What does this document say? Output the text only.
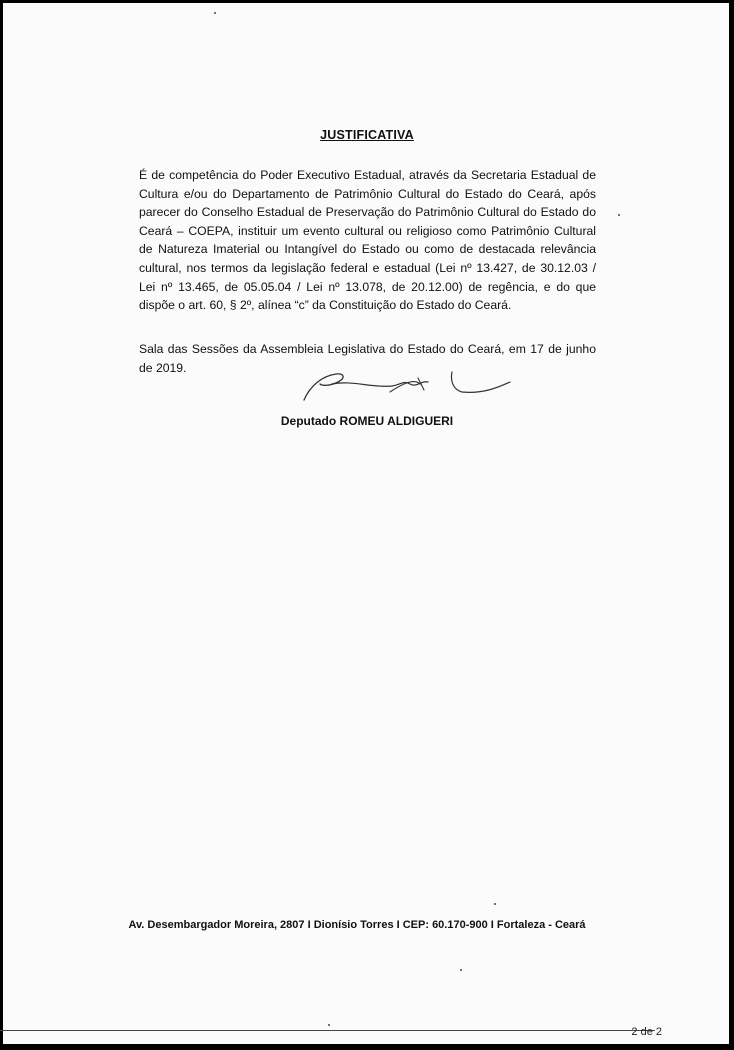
JUSTIFICATIVA

É de competência do Poder Executivo Estadual, através da Secretaria Estadual de Cultura e/ou do Departamento de Patrimônio Cultural do Estado do Ceará, após parecer do Conselho Estadual de Preservação do Patrimônio Cultural do Estado do Ceará – COEPA, instituir um evento cultural ou religioso como Patrimônio Cultural de Natureza Imaterial ou Intangível do Estado ou como de destacada relevância cultural, nos termos da legislação federal e estadual (Lei nº 13.427, de 30.12.03 / Lei nº 13.465, de 05.05.04 / Lei nº 13.078, de 20.12.00) de regência, e do que dispõe o art. 60, § 2º, alínea “c” da Constituição do Estado do Ceará.

Sala das Sessões da Assembleia Legislativa do Estado do Ceará, em 17 de junho de 2019.

Deputado ROMEU ALDIGUERI
Av. Desembargador Moreira, 2807 I Dionísio Torres I CEP: 60.170-900 I Fortaleza - Ceará
2 de 2
